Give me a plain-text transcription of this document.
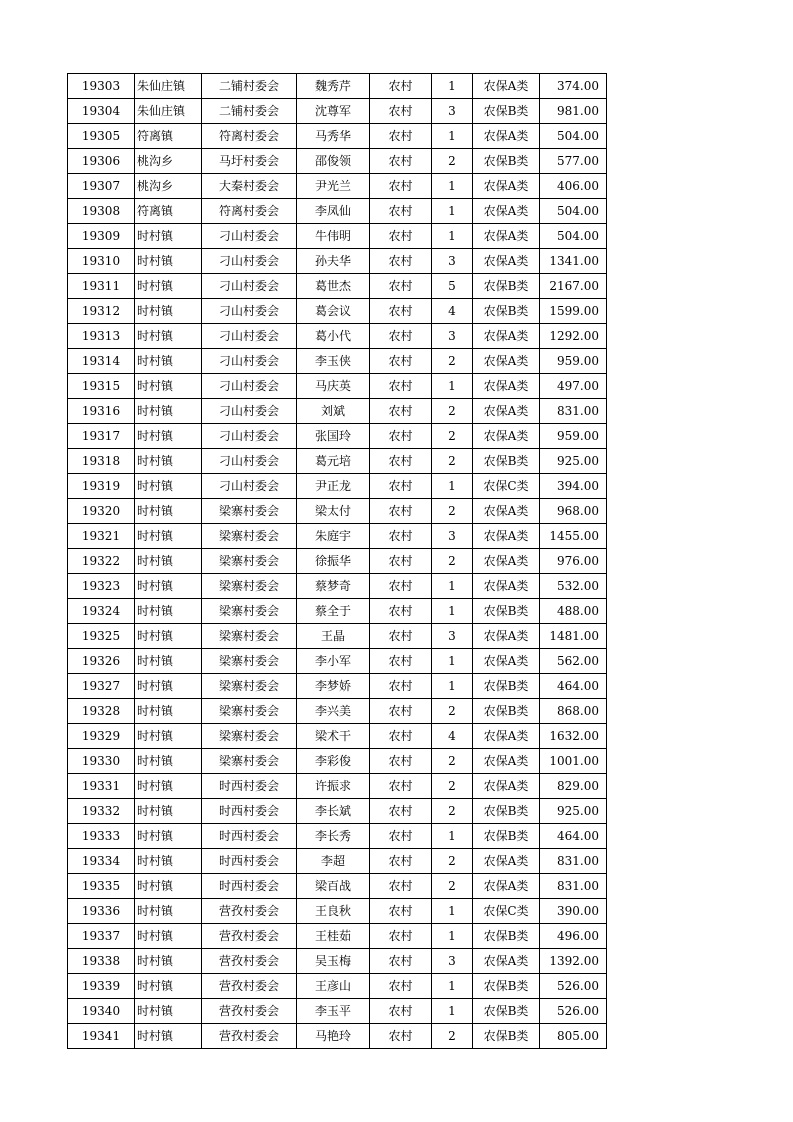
19303	朱仙庄镇	二铺村委会	魏秀芹	农村	1	农保A类	374.00
19304	朱仙庄镇	二铺村委会	沈尊军	农村	3	农保B类	981.00
19305	符离镇	符离村委会	马秀华	农村	1	农保A类	504.00
19306	桃沟乡	马圩村委会	邵俊领	农村	2	农保B类	577.00
19307	桃沟乡	大秦村委会	尹光兰	农村	1	农保A类	406.00
19308	符离镇	符离村委会	李凤仙	农村	1	农保A类	504.00
19309	时村镇	刁山村委会	牛伟明	农村	1	农保A类	504.00
19310	时村镇	刁山村委会	孙夫华	农村	3	农保A类	1341.00
19311	时村镇	刁山村委会	葛世杰	农村	5	农保B类	2167.00
19312	时村镇	刁山村委会	葛会议	农村	4	农保B类	1599.00
19313	时村镇	刁山村委会	葛小代	农村	3	农保A类	1292.00
19314	时村镇	刁山村委会	李玉侠	农村	2	农保A类	959.00
19315	时村镇	刁山村委会	马庆英	农村	1	农保A类	497.00
19316	时村镇	刁山村委会	刘斌	农村	2	农保A类	831.00
19317	时村镇	刁山村委会	张国玲	农村	2	农保A类	959.00
19318	时村镇	刁山村委会	葛元培	农村	2	农保B类	925.00
19319	时村镇	刁山村委会	尹正龙	农村	1	农保C类	394.00
19320	时村镇	梁寨村委会	梁太付	农村	2	农保A类	968.00
19321	时村镇	梁寨村委会	朱庭宇	农村	3	农保A类	1455.00
19322	时村镇	梁寨村委会	徐振华	农村	2	农保A类	976.00
19323	时村镇	梁寨村委会	蔡梦奇	农村	1	农保A类	532.00
19324	时村镇	梁寨村委会	蔡全于	农村	1	农保B类	488.00
19325	时村镇	梁寨村委会	王晶	农村	3	农保A类	1481.00
19326	时村镇	梁寨村委会	李小军	农村	1	农保A类	562.00
19327	时村镇	梁寨村委会	李梦娇	农村	1	农保B类	464.00
19328	时村镇	梁寨村委会	李兴美	农村	2	农保B类	868.00
19329	时村镇	梁寨村委会	梁术干	农村	4	农保A类	1632.00
19330	时村镇	梁寨村委会	李彩俊	农村	2	农保A类	1001.00
19331	时村镇	时西村委会	许振求	农村	2	农保A类	829.00
19332	时村镇	时西村委会	李长斌	农村	2	农保B类	925.00
19333	时村镇	时西村委会	李长秀	农村	1	农保B类	464.00
19334	时村镇	时西村委会	李超	农村	2	农保A类	831.00
19335	时村镇	时西村委会	梁百战	农村	2	农保A类	831.00
19336	时村镇	营孜村委会	王良秋	农村	1	农保C类	390.00
19337	时村镇	营孜村委会	王桂茹	农村	1	农保B类	496.00
19338	时村镇	营孜村委会	吴玉梅	农村	3	农保A类	1392.00
19339	时村镇	营孜村委会	王彦山	农村	1	农保B类	526.00
19340	时村镇	营孜村委会	李玉平	农村	1	农保B类	526.00
19341	时村镇	营孜村委会	马艳玲	农村	2	农保B类	805.00
